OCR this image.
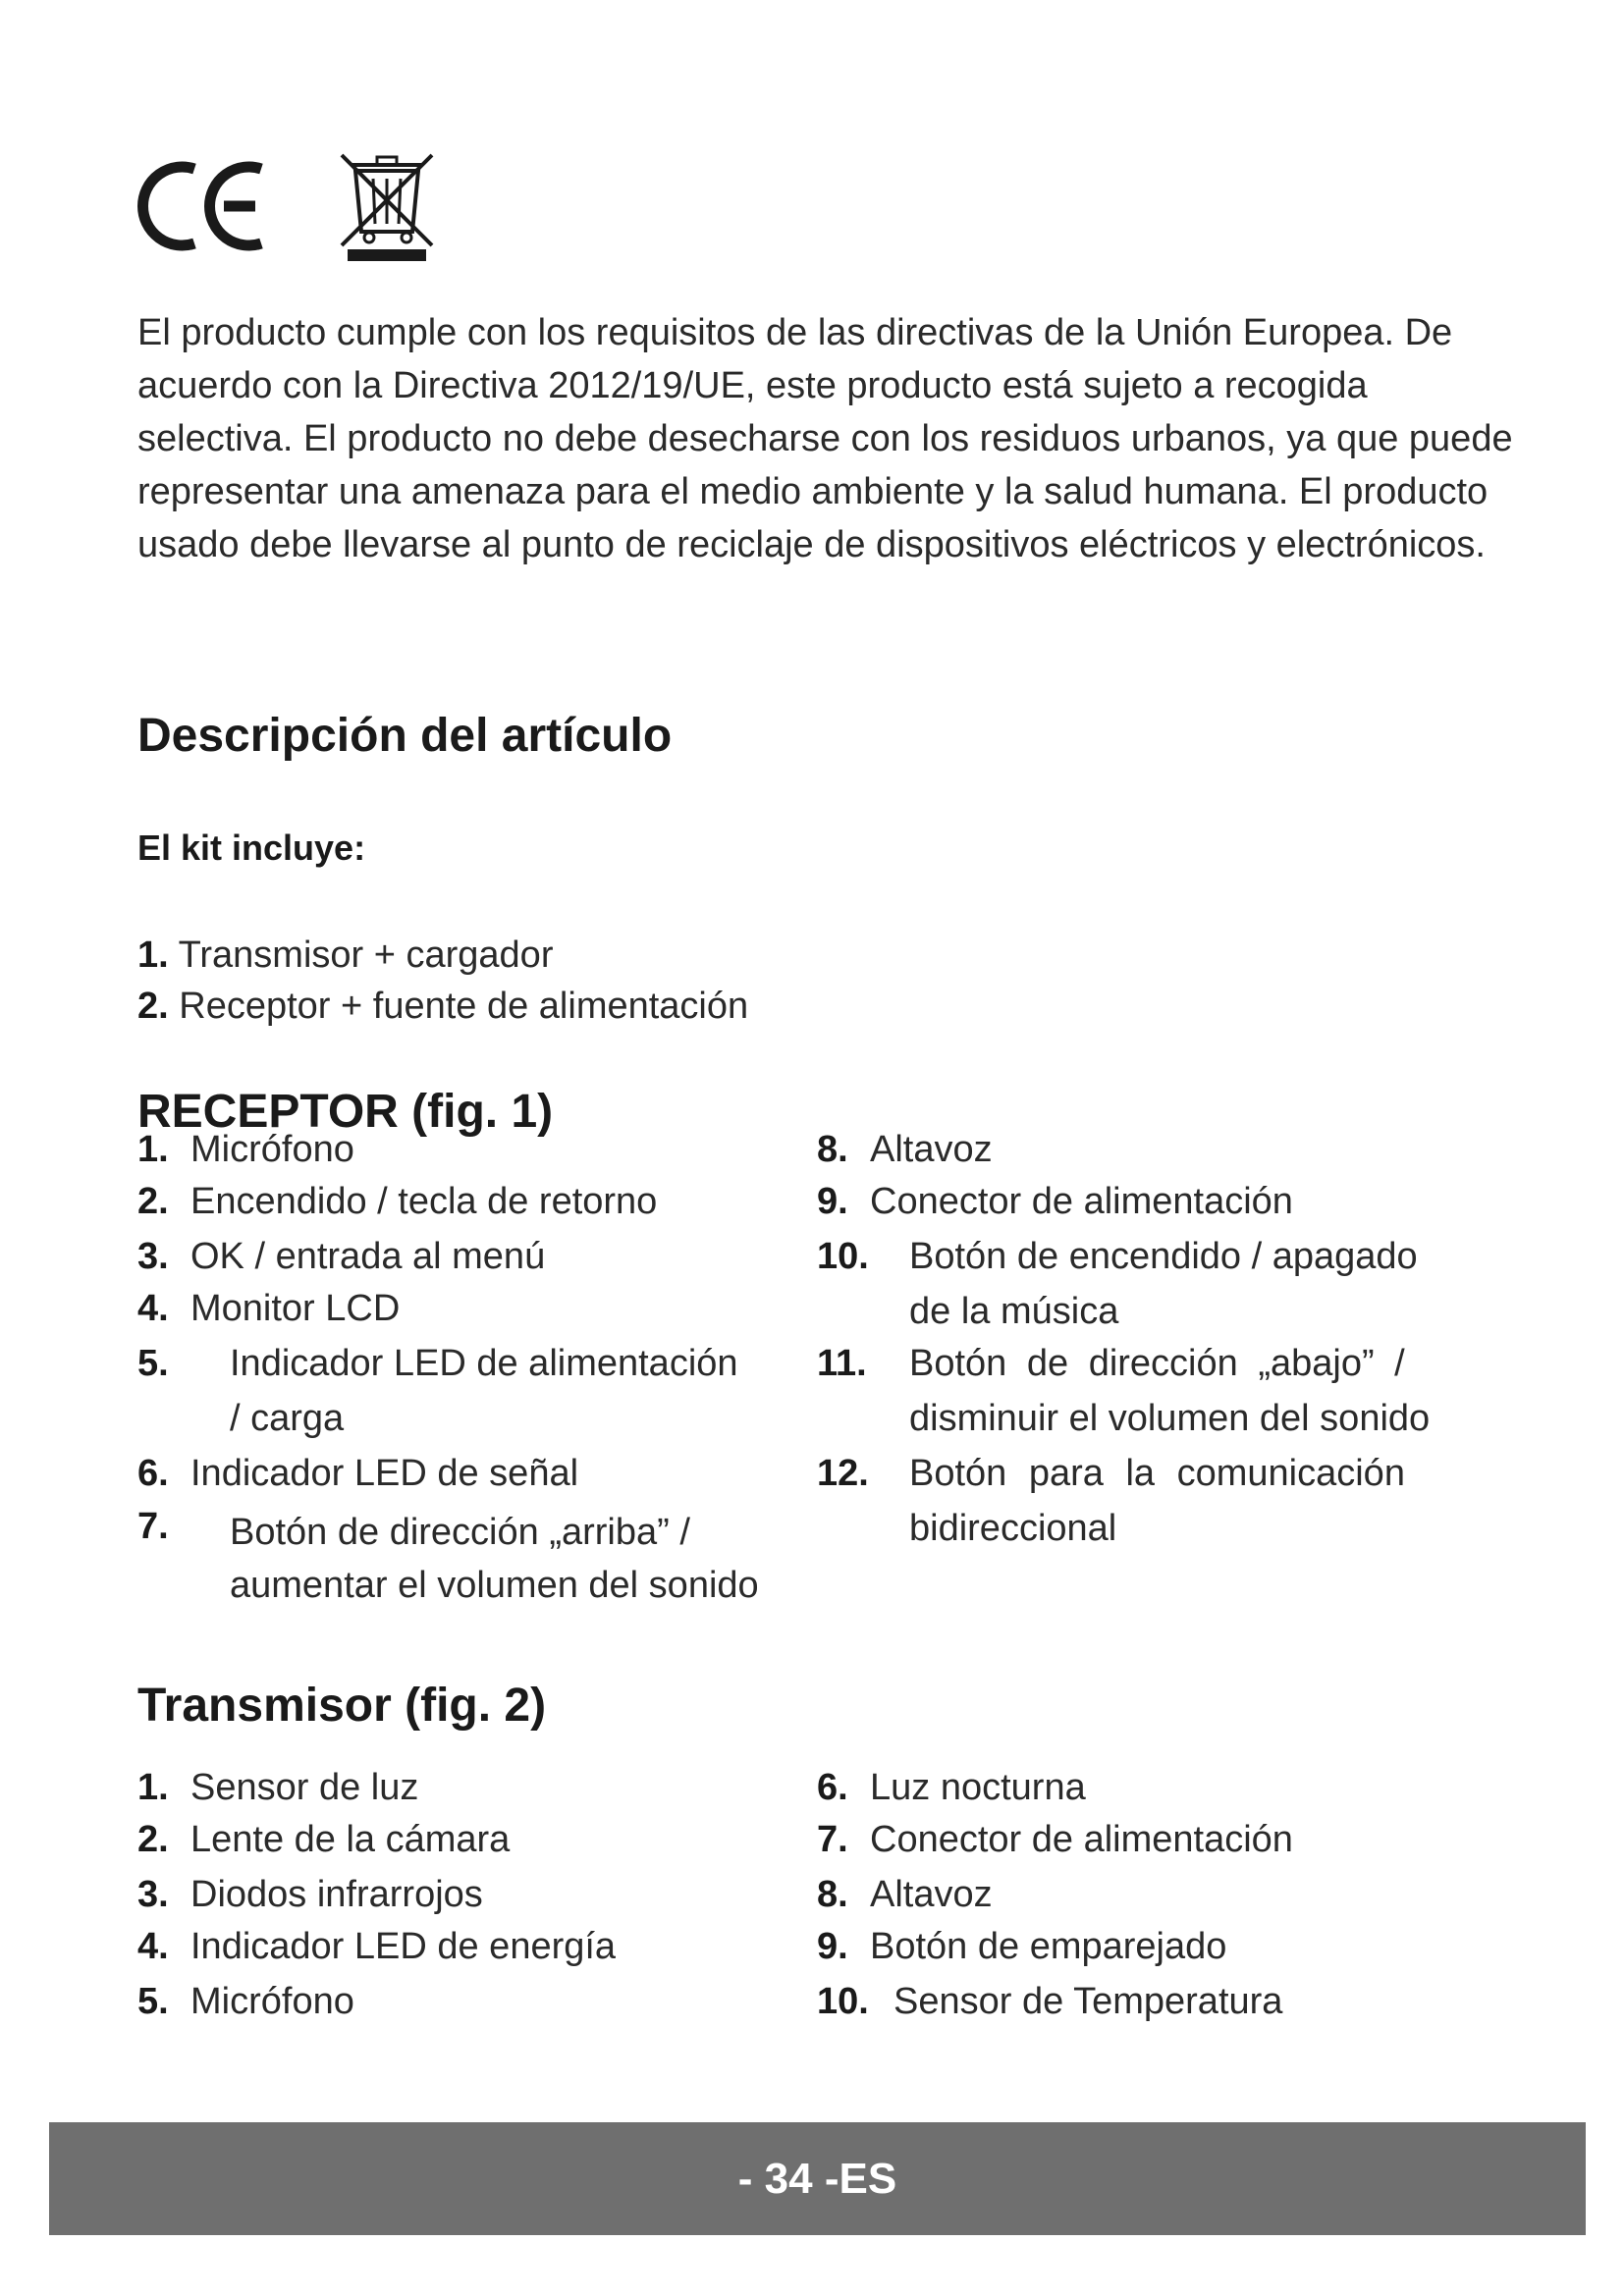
El producto cumple con los requisitos de las directivas de la Unión Europea. De acuerdo con la Directiva 2012/19/UE, este producto está sujeto a recogida selectiva. El producto no debe desecharse con los residuos urbanos, ya que puede representar una amenaza para el medio ambiente y la salud humana. El producto usado debe llevarse al punto de reciclaje de dispositivos eléctricos y electrónicos.

Descripción del artículo
El kit incluye:
1. Transmisor + cargador
2. Receptor + fuente de alimentación
RECEPTOR (fig. 1)
1. Micrófono
2. Encendido / tecla de retorno
3. OK / entrada al menú
4. Monitor LCD
5. Indicador LED de alimentación
/ carga
6. Indicador LED de señal
7. Botón de dirección „arriba” /
aumentar el volumen del sonido
8. Altavoz
9. Conector de alimentación
10. Botón de encendido / apagado
de la música
11. Botón de dirección „abajo” /
disminuir el volumen del sonido
12. Botón para la comunicación
bidireccional
Transmisor (fig. 2)
1. Sensor de luz
2. Lente de la cámara
3. Diodos infrarrojos
4. Indicador LED de energía
5. Micrófono
6. Luz nocturna
7. Conector de alimentación
8. Altavoz
9. Botón de emparejado
10. Sensor de Temperatura
- 34 -ES
